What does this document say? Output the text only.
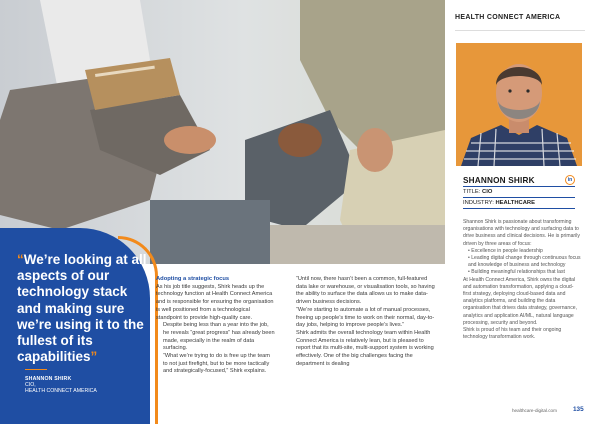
“We’re looking at all aspects of our technology stack and making sure we’re using it to the fullest of its capabilities”
SHANNON SHIRK
CIO,
HEALTH CONNECT AMERICA

Adopting a strategic focus

As his job title suggests, Shirk heads up the technology function at Health Connect America and is responsible for ensuring the organisation is well positioned from a technological standpoint to provide high-quality care.

Despite being less than a year into the job, he reveals “great progress” has already been made, especially in the realm of data surfacing.

“What we’re trying to do is free up the team to not just firefight, but to be more tactically and strategically-focused,” Shirk explains.

“Until now, there hasn’t been a common, full-featured data lake or warehouse, or visualisation tools, so having the ability to surface the data allows us to make data-driven business decisions.

“We’re starting to automate a lot of manual processes, freeing up people’s time to work on their normal, day-to-day jobs, helping to improve people’s lives.”

Shirk admits the overall technology team within Health Connect America is relatively lean, but is pleased to report that its multi-site, multi-support system is working effectively. One of the big challenges facing the department is dealing

HEALTH CONNECT AMERICA
SHANNON SHIRK	in
TITLE: CIO
INDUSTRY: HEALTHCARE

Shannon Shirk is passionate about transforming organisations with technology and surfacing data to drive business and clinical decisions. He is primarily driven by three areas of focus:

• Excellence in people leadership

• Leading digital change through continuous focus and knowledge of business and technology

• Building meaningful relationships that last

At Health Connect America, Shirk owns the digital and automation transformation, applying a cloud-first strategy, deploying cloud-based data and analytics platforms, and building the data organisation that drives data strategy, governance, analytics and application AI/ML, natural language processing, security and beyond.

Shirk is proud of his team and their ongoing technology transformation work.

healthcare-digital.com	135
